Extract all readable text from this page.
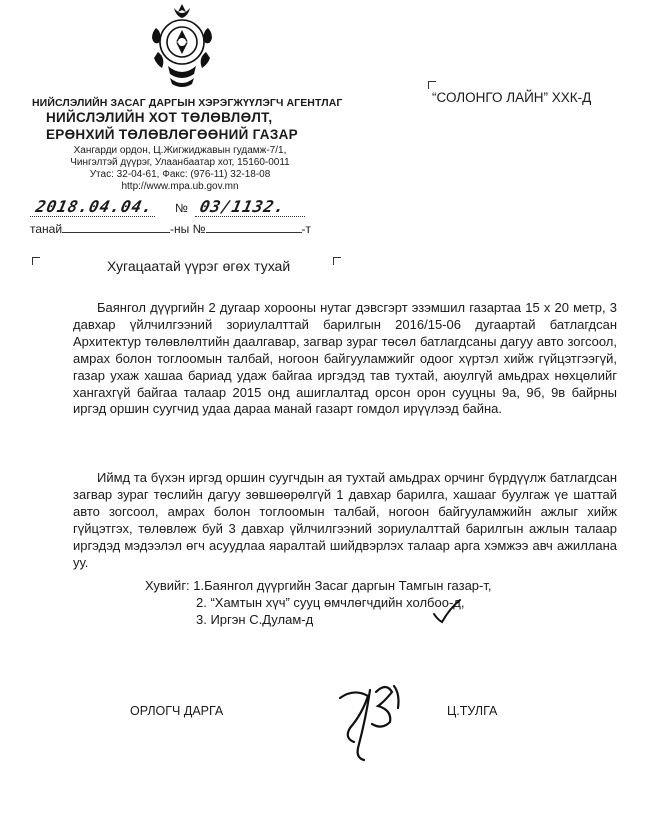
НИЙСЛЭЛИЙН ЗАСАГ ДАРГЫН ХЭРЭГЖҮҮЛЭГЧ АГЕНТЛАГ
НИЙСЛЭЛИЙН ХОТ ТӨЛӨВЛӨЛТ,
ЕРӨНХИЙ ТӨЛӨВЛӨГӨӨНИЙ ГАЗАР
Хангарди ордон, Ц.Жигжиджавын гудамж-7/1,
Чингэлтэй дүүрэг, Улаанбаатар хот, 15160-0011
Утас: 32-04-61, Факс: (976-11) 32-18-08
http://www.mpa.ub.gov.mn
“СОЛОНГО ЛАЙН” ХХК-Д
2018.04.04. № 03/1132.
танай	-ны №	-т
Хугацаатай үүрэг өгөх тухай
Баянгол дүүргийн 2 дугаар хорооны нутаг дэвсгэрт эзэмшил газартаа 15 х 20 метр, 3 давхар үйлчилгээний зориулалттай барилгын 2016/15-06 дугаартай батлагдсан Архитектур төлөвлөлтийн даалгавар, загвар зураг төсөл батлагдсаны дагуу авто зогсоол, амрах болон тоглоомын талбай, ногоон байгууламжийг одоог хүртэл хийж гүйцэтгээгүй, газар ухаж хашаа бариад удаж байгаа иргэдэд тав тухтай, аюулгүй амьдрах нөхцөлийг хангахгүй байгаа талаар 2015 онд ашиглалтад орсон орон сууцны 9а, 9б, 9в байрны иргэд оршин суугчид удаа дараа манай газарт гомдол ирүүлээд байна.
Иймд та бүхэн иргэд оршин суугчдын ая тухтай амьдрах орчинг бүрдүүлж батлагдсан загвар зураг төслийн дагуу зөвшөөрөлгүй 1 давхар барилга, хашааг буулгаж үе шаттай авто зогсоол, амрах болон тоглоомын талбай, ногоон байгууламжийн ажлыг хийж гүйцэтгэх, төлөвлөж буй 3 давхар үйлчилгээний зориулалттай барилгын ажлын талаар иргэдэд мэдээлэл өгч асуудлаа яаралтай шийдвэрлэх талаар арга хэмжээ авч ажиллана уу.
Хувийг: 1.Баянгол дүүргийн Засаг даргын Тамгын газар-т,
2. “Хамтын хүч” сууц өмчлөгчдийн холбоо-д,
3. Иргэн С.Дулам-д
ОРЛОГЧ ДАРГА	Ц.ТУЛГА
